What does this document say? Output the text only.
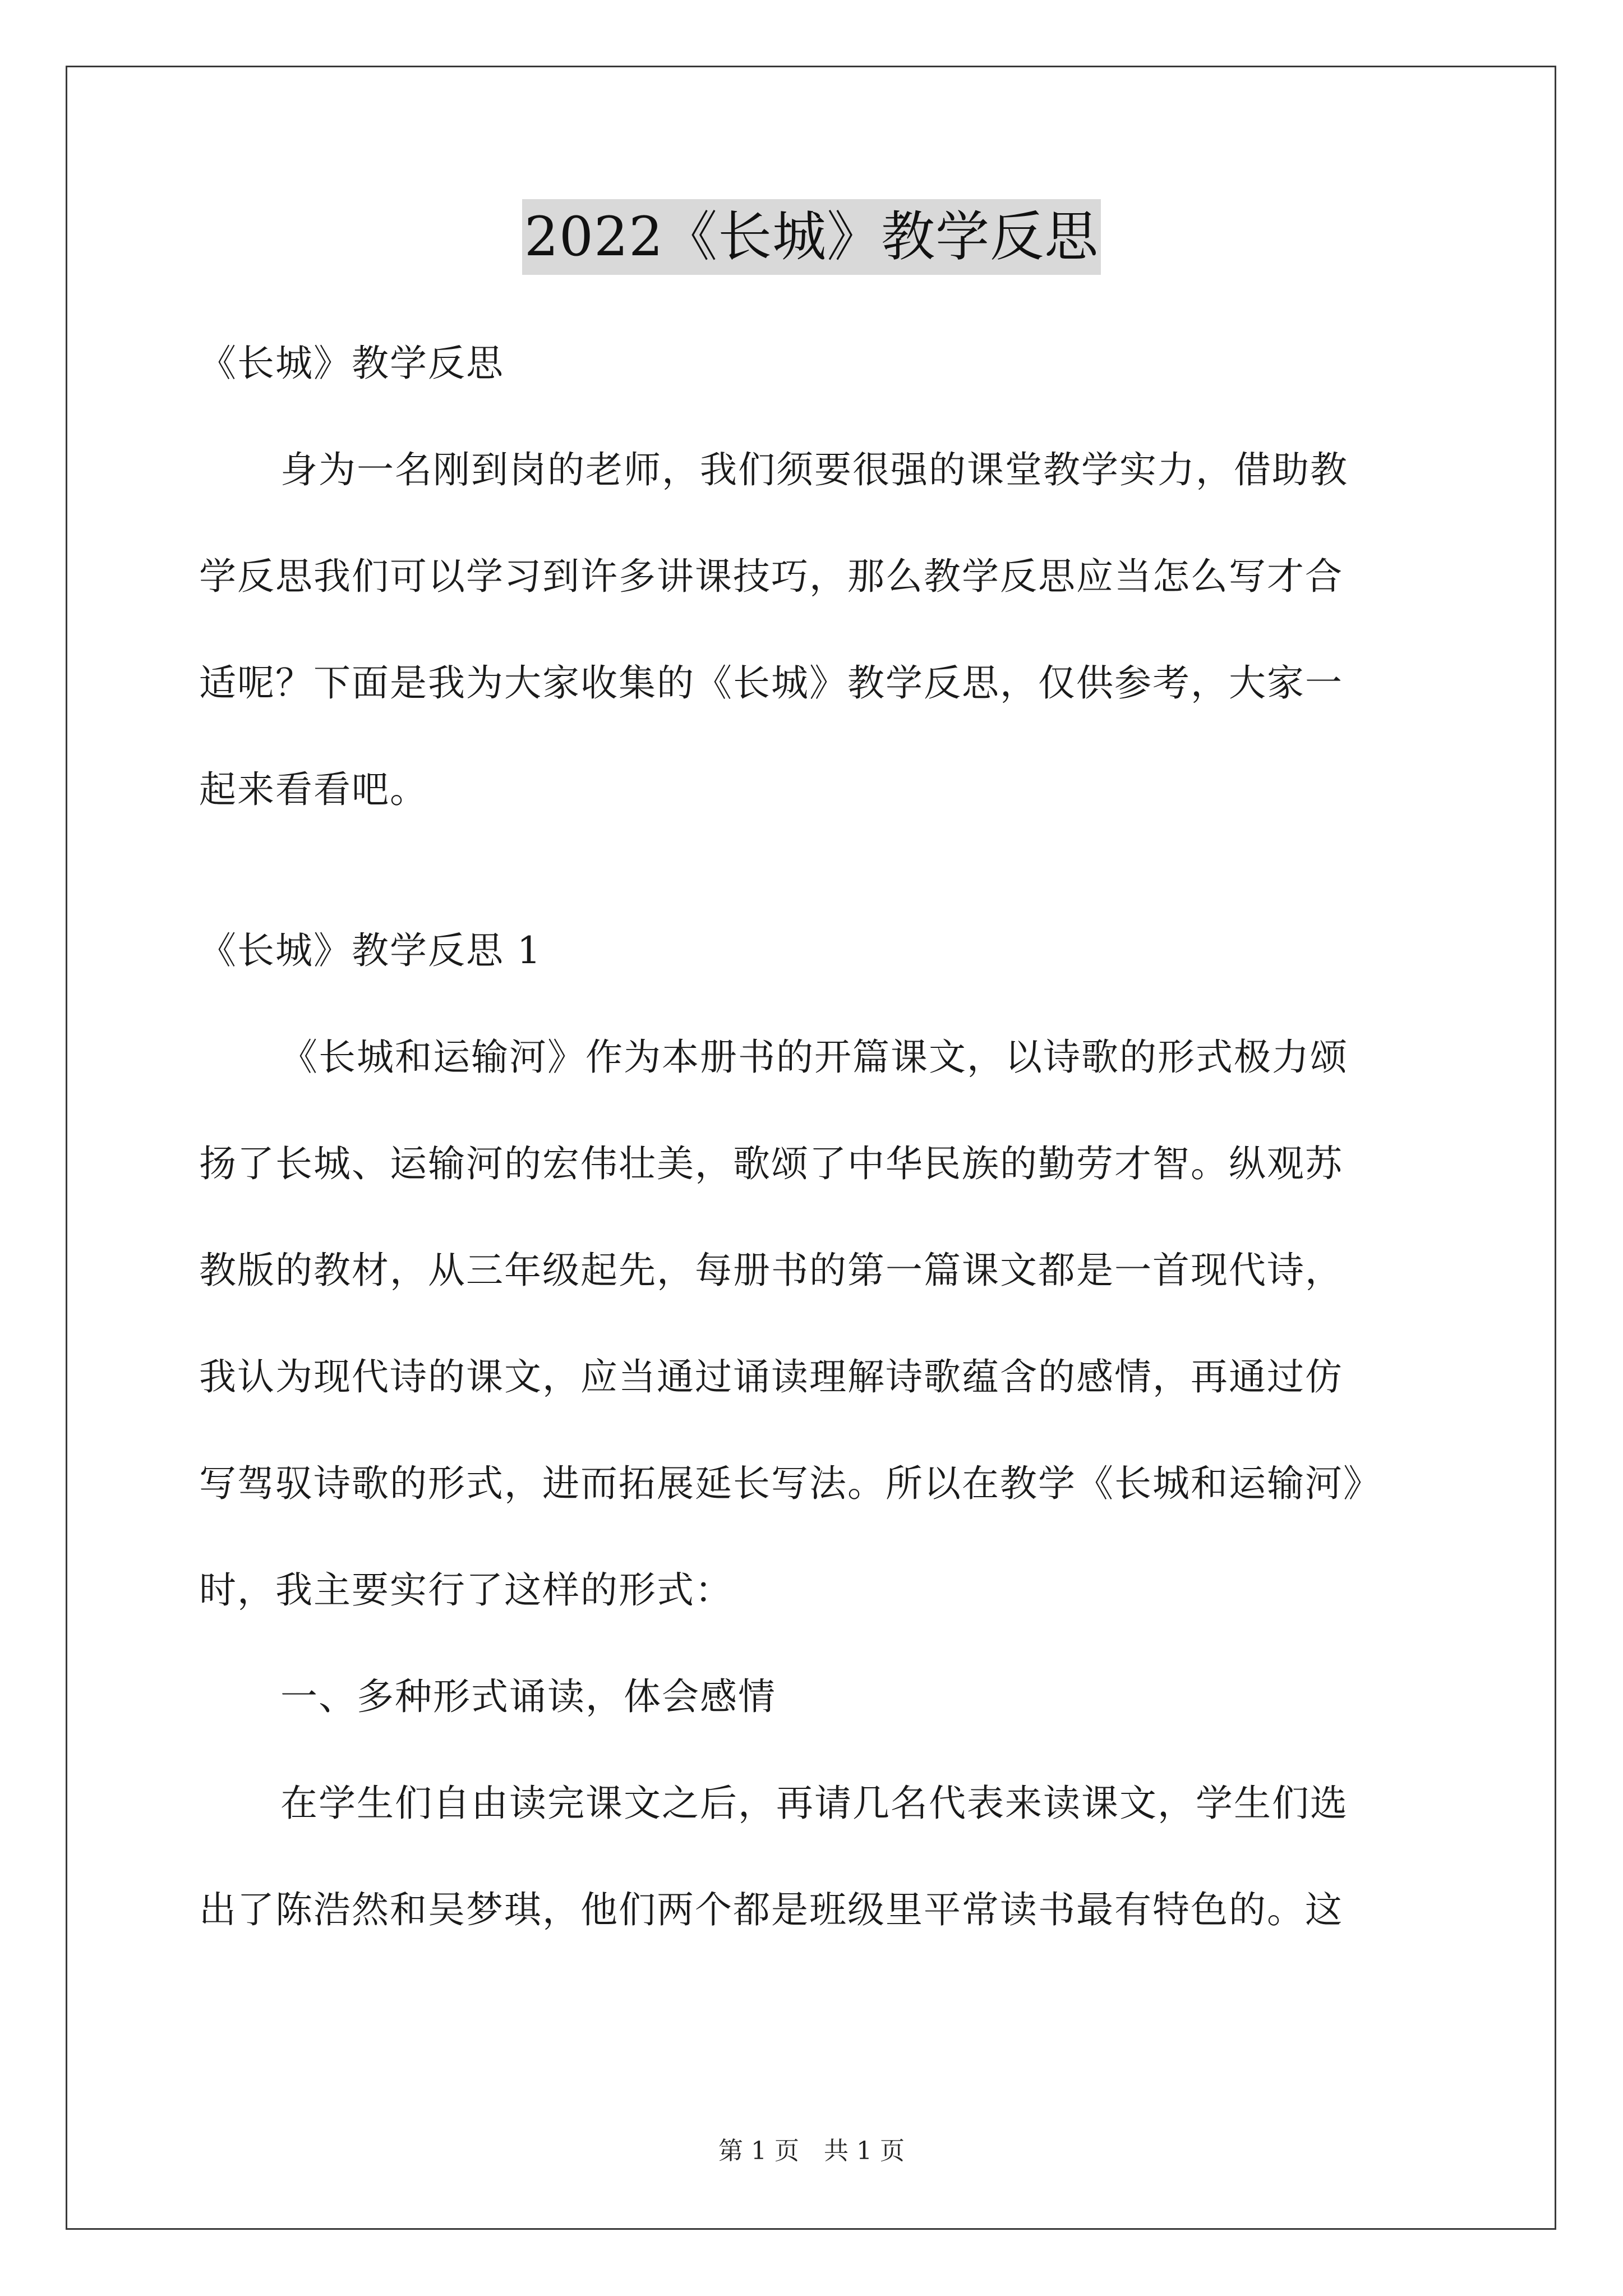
2022《长城》教学反思

《长城》教学反思

身为一名刚到岗的老师，我们须要很强的课堂教学实力，借助教

学反思我们可以学习到许多讲课技巧，那么教学反思应当怎么写才合

适呢？下面是我为大家收集的《长城》教学反思，仅供参考，大家一

起来看看吧。

《长城》教学反思 1

《长城和运输河》作为本册书的开篇课文，以诗歌的形式极力颂

扬了长城、运输河的宏伟壮美，歌颂了中华民族的勤劳才智。纵观苏

教版的教材，从三年级起先，每册书的第一篇课文都是一首现代诗，

我认为现代诗的课文，应当通过诵读理解诗歌蕴含的感情，再通过仿

写驾驭诗歌的形式，进而拓展延长写法。所以在教学《长城和运输河》

时，我主要实行了这样的形式：

一、多种形式诵读，体会感情

在学生们自由读完课文之后，再请几名代表来读课文，学生们选

出了陈浩然和吴梦琪，他们两个都是班级里平常读书最有特色的。这

第 1 页 共 1 页
